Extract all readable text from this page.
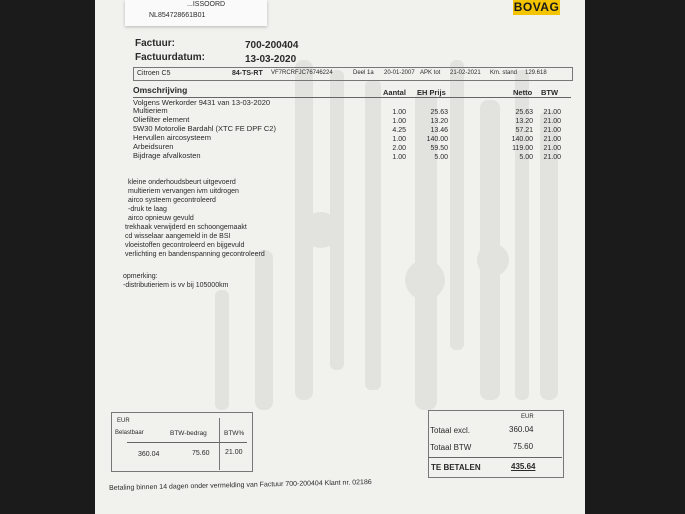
...ISSOORD
NL854728661B01
BOVAG
Factuur:	700-200404
Factuurdatum:	13-03-2020
Citroen C5	84-TS-RT VF7RCRFJC76746224	Deel 1a 20-01-2007 APK tot 21-02-2021 Km. stand 129.618
Omschrijving	Aantal EH Prijs	Netto BTW
Volgens Werkorder 9431 van 13-03-2020
Multieriem	1.00	25.63	25.63	21.00
Oliefilter element	1.00	13.20	13.20	21.00
5W30 Motorolie Bardahl (XTC FE DPF C2)	4.25	13.46	57.21	21.00
Hervullen aircosysteem	1.00	140.00	140.00	21.00
Arbeidsuren	2.00	59.50	119.00	21.00
Bijdrage afvalkosten	1.00	5.00	5.00	21.00
kleine onderhoudsbeurt uitgevoerd
multieriem vervangen ivm uitdrogen
airco systeem gecontroleerd
-druk te laag
airco opnieuw gevuld
trekhaak verwijderd en schoongemaakt
cd wisselaar aangemeld in de BSI
vloeistoffen gecontroleerd en bijgevuld
verlichting en bandenspanning gecontroleerd
opmerking:
-distributieriem is vv bij 105000km
EUR
Belastbaar	BTW-bedrag	BTW%
360.04	75.60 21.00
EUR
Totaal excl.	360.04
Totaal BTW	75.60
TE BETALEN	435.64
Betaling binnen 14 dagen onder vermelding van Factuur 700-200404 Klant nr. 02186
